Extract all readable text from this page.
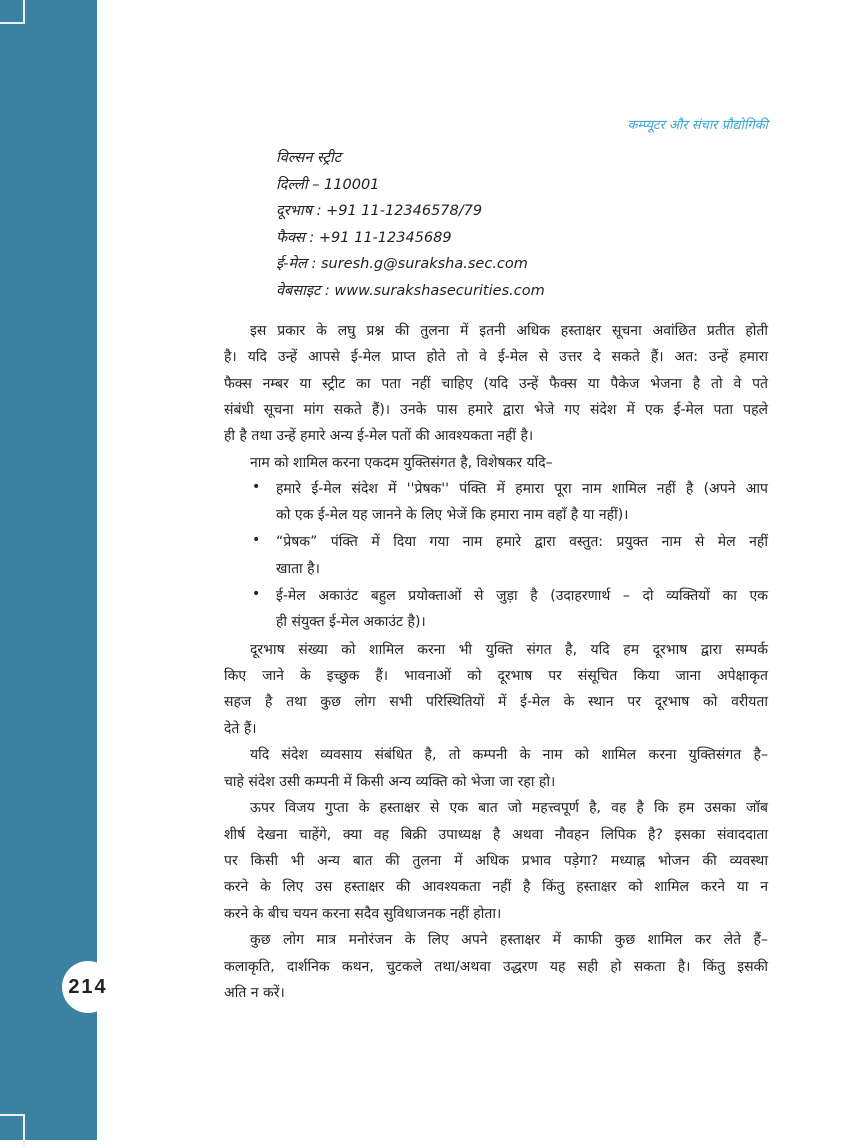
214
कम्प्यूटर और संचार प्रौद्योगिकी
विल्सन स्ट्रीट
दिल्ली – 110001
दूरभाष : +91 11-12346578/79
फैक्स : +91 11-12345689
ई-मेल : suresh.g@suraksha.sec.com
वेबसाइट : www.surakshasecurities.com
इस प्रकार के लघु प्रश्न की तुलना में इतनी अधिक हस्ताक्षर सूचना अवांछित प्रतीत होती
है। यदि उन्हें आपसे ई-मेल प्राप्त होते तो वे ई-मेल से उत्तर दे सकते हैं। अत: उन्हें हमारा
फैक्स नम्बर या स्ट्रीट का पता नहीं चाहिए (यदि उन्हें फैक्स या पैकेज भेजना है तो वे पते
संबंधी सूचना मांग सकते हैं)। उनके पास हमारे द्वारा भेजे गए संदेश में एक ई-मेल पता पहले
ही है तथा उन्हें हमारे अन्य ई-मेल पतों की आवश्यकता नहीं है।
नाम को शामिल करना एकदम युक्तिसंगत है, विशेषकर यदि–
• हमारे ई-मेल संदेश में ''प्रेषक'' पंक्ति में हमारा पूरा नाम शामिल नहीं है (अपने आप
को एक ई-मेल यह जानने के लिए भेजें कि हमारा नाम वहाँ है या नहीं)।
• “प्रेषक” पंक्ति में दिया गया नाम हमारे द्वारा वस्तुत: प्रयुक्त नाम से मेल नहीं
खाता है।
• ई-मेल अकाउंट बहुल प्रयोक्ताओं से जुड़ा है (उदाहरणार्थ – दो व्यक्तियों का एक
ही संयुक्त ई-मेल अकाउंट है)।
दूरभाष संख्या को शामिल करना भी युक्ति संगत है, यदि हम दूरभाष द्वारा सम्पर्क
किए जाने के इच्छुक हैं। भावनाओं को दूरभाष पर संसूचित किया जाना अपेक्षाकृत
सहज है तथा कुछ लोग सभी परिस्थितियों में ई-मेल के स्थान पर दूरभाष को वरीयता
देते हैं।
यदि संदेश व्यवसाय संबंधित है, तो कम्पनी के नाम को शामिल करना युक्तिसंगत है–
चाहे संदेश उसी कम्पनी में किसी अन्य व्यक्ति को भेजा जा रहा हो।
ऊपर विजय गुप्ता के हस्ताक्षर से एक बात जो महत्त्वपूर्ण है, वह है कि हम उसका जॉब
शीर्ष देखना चाहेंगे, क्या वह बिक्री उपाध्यक्ष है अथवा नौवहन लिपिक है? इसका संवाददाता
पर किसी भी अन्य बात की तुलना में अधिक प्रभाव पड़ेगा? मध्याह्न भोजन की व्यवस्था
करने के लिए उस हस्ताक्षर की आवश्यकता नहीं है किंतु हस्ताक्षर को शामिल करने या न
करने के बीच चयन करना सदैव सुविधाजनक नहीं होता।
कुछ लोग मात्र मनोरंजन के लिए अपने हस्ताक्षर में काफी कुछ शामिल कर लेते हैं–
कलाकृति, दार्शनिक कथन, चुटकले तथा/अथवा उद्धरण यह सही हो सकता है। किंतु इसकी
अति न करें।
